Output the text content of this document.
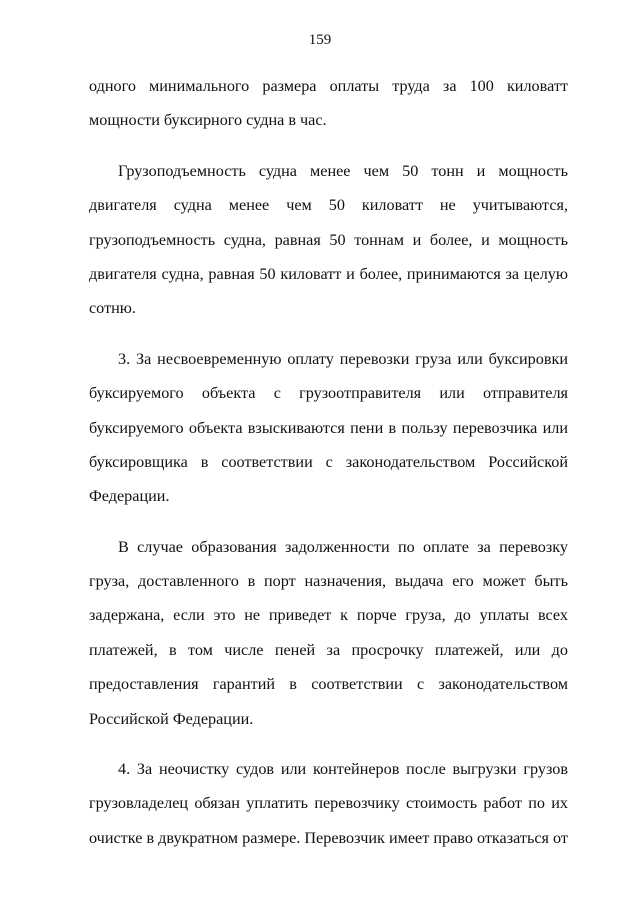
159
одного минимального размера оплаты труда за 100 киловатт
мощности буксирного судна в час.
Грузоподъемность судна менее чем 50 тонн и мощность
двигателя судна менее чем 50 киловатт не учитываются,
грузоподъемность судна, равная 50 тоннам и более, и мощность
двигателя судна, равная 50 киловатт и более, принимаются за целую
сотню.
3. За несвоевременную оплату перевозки груза или буксировки
буксируемого объекта с грузоотправителя или отправителя
буксируемого объекта взыскиваются пени в пользу перевозчика или
буксировщика в соответствии с законодательством Российской
Федерации.
В случае образования задолженности по оплате за перевозку
груза, доставленного в порт назначения, выдача его может быть
задержана, если это не приведет к порче груза, до уплаты всех
платежей, в том числе пеней за просрочку платежей, или до
предоставления гарантий в соответствии с законодательством
Российской Федерации.
4. За неочистку судов или контейнеров после выгрузки грузов
грузовладелец обязан уплатить перевозчику стоимость работ по их
очистке в двукратном размере. Перевозчик имеет право отказаться от
